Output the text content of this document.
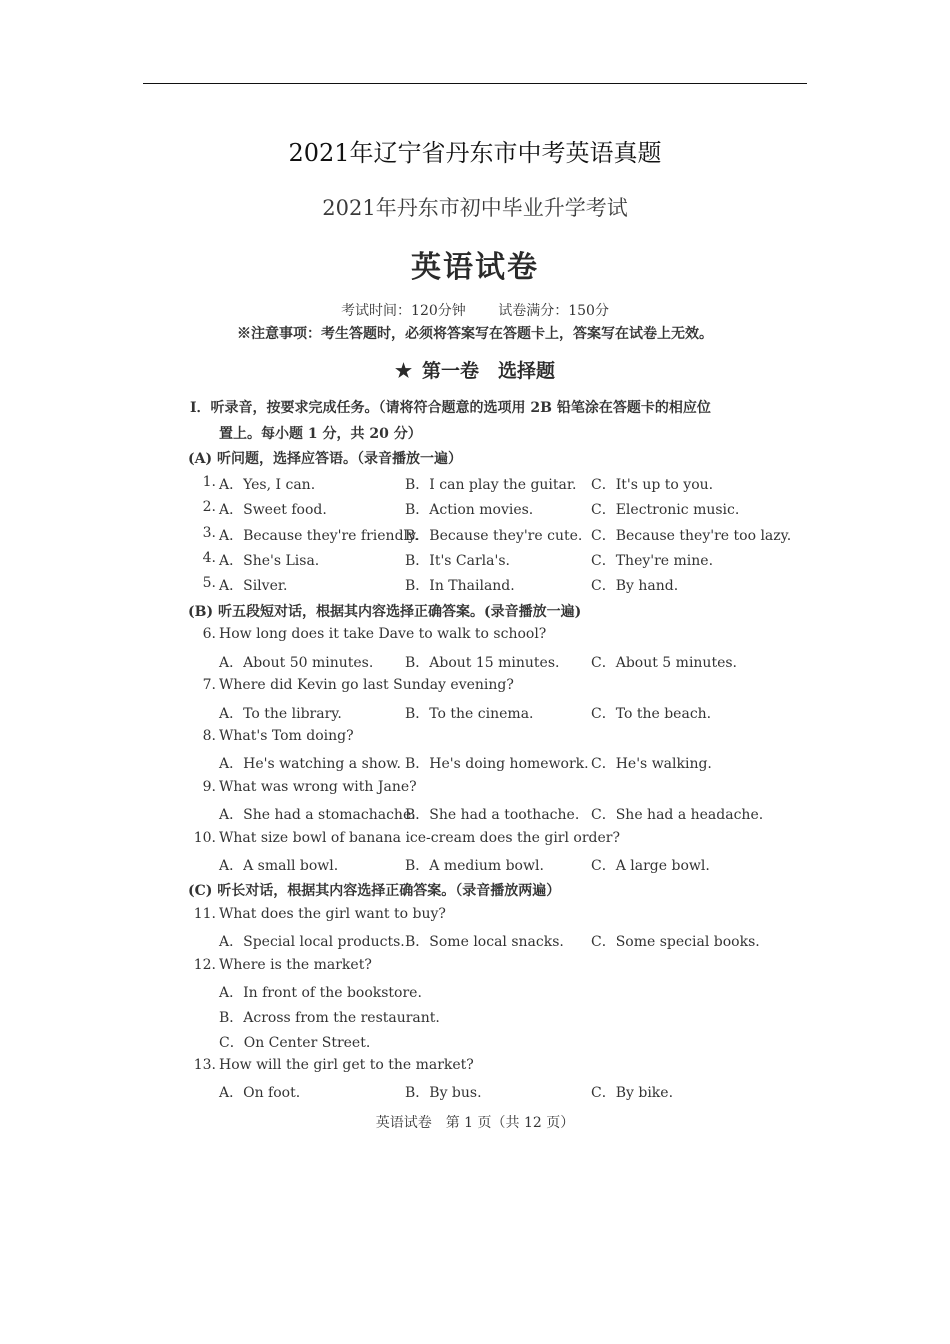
2021年辽宁省丹东市中考英语真题
2021年丹东市初中毕业升学考试
英语试卷
考试时间：120分钟 试卷满分：150分
※注意事项：考生答题时，必须将答案写在答题卡上，答案写在试卷上无效。
★ 第一卷　选择题
Ⅰ．听录音，按要求完成任务。（请将符合题意的选项用 2B 铅笔涂在答题卡的相应位
置上。每小题 1 分，共 20 分）
(A) 听问题，选择应答语。（录音播放一遍）
1. A．Yes, I can.	B．I can play the guitar. C．It's up to you.
2. A．Sweet food.	B．Action movies.	C．Electronic music.
3. A．Because they're friendly.
B．Because they're cute. C．Because they're too lazy.
4. A．She's Lisa.	B．It's Carla's.	C．They're mine.
5. A．Silver.	B．In Thailand.	C．By hand.
(B) 听五段短对话，根据其内容选择正确答案。(录音播放一遍)
6. How long does it take Dave to walk to school?
A．About 50 minutes. B．About 15 minutes. C．About 5 minutes.
7. Where did Kevin go last Sunday evening?
A．To the library.	B．To the cinema.	C．To the beach.
8. What's Tom doing?
A．He's watching a show. B．He's doing homework. C．He's walking.
9. What was wrong with Jane?
A．She had a stomachache.
B．She had a toothache. C．She had a headache.
10. What size bowl of banana ice-cream does the girl order?
A．A small bowl.	B．A medium bowl.	C．A large bowl.
(C) 听长对话，根据其内容选择正确答案。（录音播放两遍）
11. What does the girl want to buy?
A．Special local products. B．Some local snacks. C．Some special books.
12. Where is the market?
A．In front of the bookstore.
B．Across from the restaurant.
C．On Center Street.
13. How will the girl get to the market?
A．On foot.	B．By bus.	C．By bike.
英语试卷　第 1 页（共 12 页）
